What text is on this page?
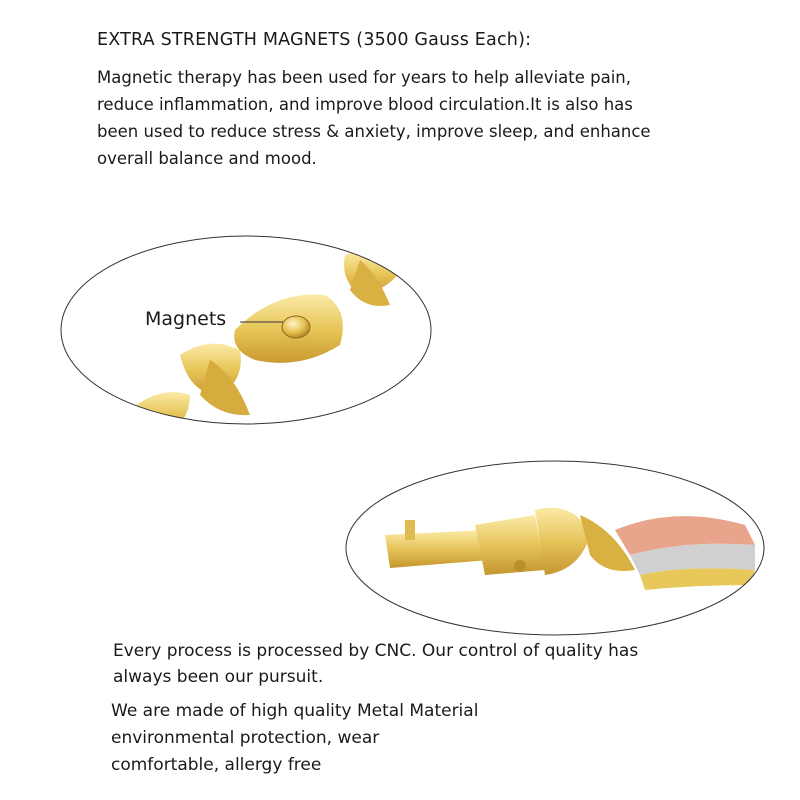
EXTRA STRENGTH MAGNETS (3500 Gauss Each):
Magnetic therapy has been used for years to help alleviate pain,
reduce inflammation, and improve blood circulation.It is also has
been used to reduce stress & anxiety, improve sleep, and enhance
overall balance and mood.
Magnets
Every process is processed by CNC. Our control of quality has
always been our pursuit.
We are made of high quality Metal Material
environmental protection, wear
comfortable, allergy free
